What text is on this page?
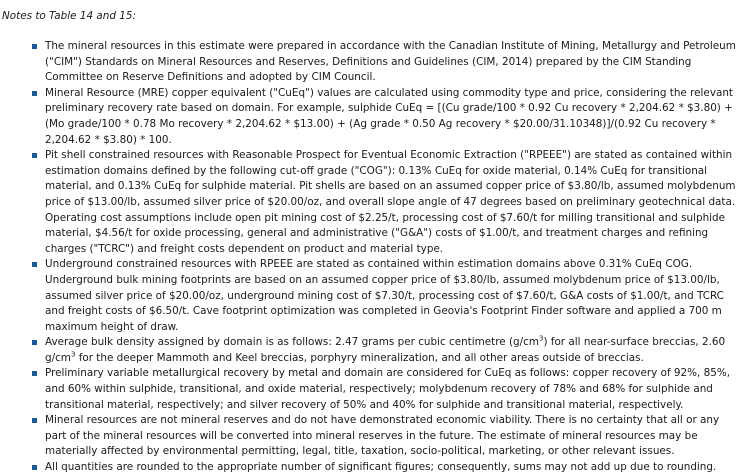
Notes to Table 14 and 15:
The mineral resources in this estimate were prepared in accordance with the Canadian Institute of Mining, Metallurgy and Petroleum ("CIM") Standards on Mineral Resources and Reserves, Definitions and Guidelines (CIM, 2014) prepared by the CIM Standing Committee on Reserve Definitions and adopted by CIM Council.
Mineral Resource (MRE) copper equivalent ("CuEq") values are calculated using commodity type and price, considering the relevant preliminary recovery rate based on domain. For example, sulphide CuEq = [(Cu grade/100 * 0.92 Cu recovery * 2,204.62 * $3.80) + (Mo grade/100 * 0.78 Mo recovery * 2,204.62 * $13.00) + (Ag grade * 0.50 Ag recovery * $20.00/31.10348)]/(0.92 Cu recovery * 2,204.62 * $3.80) * 100.
Pit shell constrained resources with Reasonable Prospect for Eventual Economic Extraction ("RPEEE") are stated as contained within estimation domains defined by the following cut-off grade ("COG"): 0.13% CuEq for oxide material, 0.14% CuEq for transitional material, and 0.13% CuEq for sulphide material. Pit shells are based on an assumed copper price of $3.80/lb, assumed molybdenum price of $13.00/lb, assumed silver price of $20.00/oz, and overall slope angle of 47 degrees based on preliminary geotechnical data. Operating cost assumptions include open pit mining cost of $2.25/t, processing cost of $7.60/t for milling transitional and sulphide material, $4.56/t for oxide processing, general and administrative ("G&A") costs of $1.00/t, and treatment charges and refining charges ("TCRC") and freight costs dependent on product and material type.
Underground constrained resources with RPEEE are stated as contained within estimation domains above 0.31% CuEq COG. Underground bulk mining footprints are based on an assumed copper price of $3.80/lb, assumed molybdenum price of $13.00/lb, assumed silver price of $20.00/oz, underground mining cost of $7.30/t, processing cost of $7.60/t, G&A costs of $1.00/t, and TCRC and freight costs of $6.50/t. Cave footprint optimization was completed in Geovia's Footprint Finder software and applied a 700 m maximum height of draw.
Average bulk density assigned by domain is as follows: 2.47 grams per cubic centimetre $(g/cm^3)$ for all near-surface breccias, 2.60 $g/cm^3$ for the deeper Mammoth and Keel breccias, porphyry mineralization, and all other areas outside of breccias.
Preliminary variable metallurgical recovery by metal and domain are considered for CuEq as follows: copper recovery of 92%, 85%, and 60% within sulphide, transitional, and oxide material, respectively; molybdenum recovery of 78% and 68% for sulphide and transitional material, respectively; and silver recovery of 50% and 40% for sulphide and transitional material, respectively.
Mineral resources are not mineral reserves and do not have demonstrated economic viability. There is no certainty that all or any part of the mineral resources will be converted into mineral reserves in the future. The estimate of mineral resources may be materially affected by environmental permitting, legal, title, taxation, socio-political, marketing, or other relevant issues.
All quantities are rounded to the appropriate number of significant figures; consequently, sums may not add up due to rounding.
